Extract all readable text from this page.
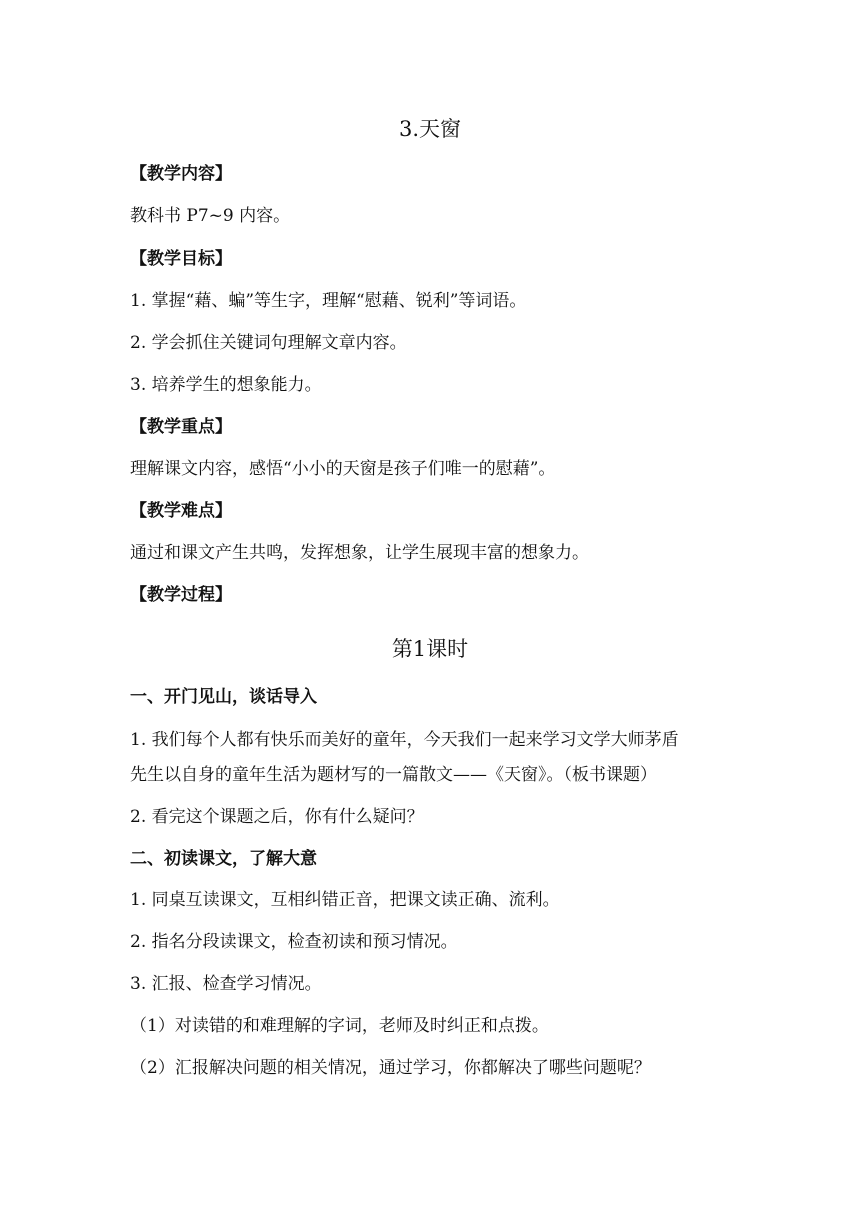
3.天窗
【教学内容】
教科书 P7~9 内容。
【教学目标】
1. 掌握“藉、蝙”等生字，理解“慰藉、锐利”等词语。
2. 学会抓住关键词句理解文章内容。
3. 培养学生的想象能力。
【教学重点】
理解课文内容，感悟“小小的天窗是孩子们唯一的慰藉”。
【教学难点】
通过和课文产生共鸣，发挥想象，让学生展现丰富的想象力。
【教学过程】
第1课时
一、开门见山，谈话导入
1. 我们每个人都有快乐而美好的童年，今天我们一起来学习文学大师茅盾
先生以自身的童年生活为题材写的一篇散文——《天窗》。（板书课题）
2. 看完这个课题之后，你有什么疑问？
二、初读课文，了解大意
1. 同桌互读课文，互相纠错正音，把课文读正确、流利。
2. 指名分段读课文，检查初读和预习情况。
3. 汇报、检查学习情况。
（1）对读错的和难理解的字词，老师及时纠正和点拨。
（2）汇报解决问题的相关情况，通过学习，你都解决了哪些问题呢？
